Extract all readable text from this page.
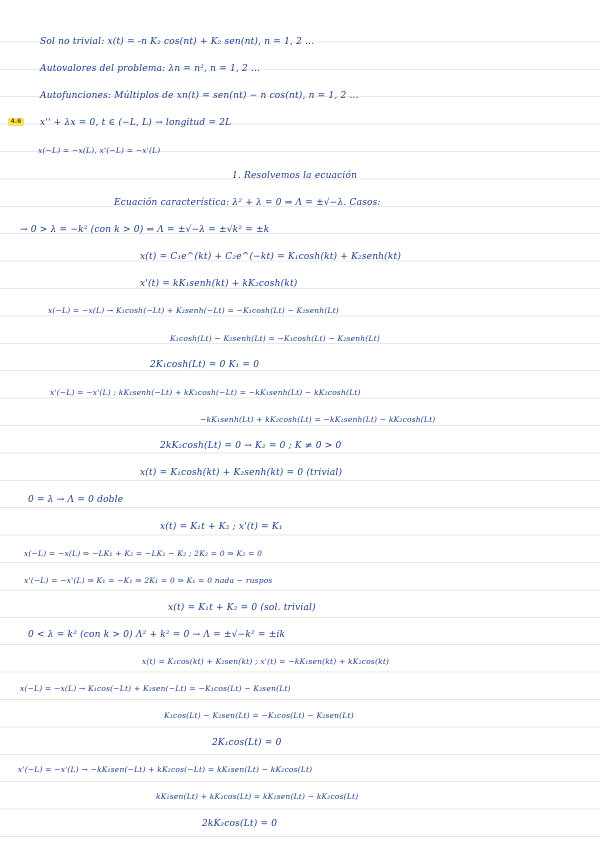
4.6
Sol no trivial: x(t) = -n K₂ cos(nt) + K₂ sen(nt), n = 1, 2 ...
Autovalores del problema: λn = n², n = 1, 2 ...
Autofunciones: Múltiplos de xn(t) = sen(nt) − n cos(nt), n = 1, 2 ...
x'' + λx = 0, t ∈ (−L, L) → longitud = 2L
x(−L) = −x(L), x'(−L) = −x'(L)
1. Resolvemos la ecuación
Ecuación característica: λ² + λ = 0 ⇒ Λ = ±√−λ. Casos:
→ 0 > λ = −k² (con k > 0) ⇒ Λ = ±√−λ = ±√k² = ±k
x(t) = C₁e^(kt) + C₂e^(−kt) = K₁cosh(kt) + K₂senh(kt)
x'(t) = kK₁senh(kt) + kK₂cosh(kt)
x(−L) = −x(L) → K₁cosh(−Lt) + K₂senh(−Lt) = −K₁cosh(Lt) − K₂senh(Lt)
K₁cosh(Lt) − K₂senh(Lt) = −K₁cosh(Lt) − K₂senh(Lt)
2K₁cosh(Lt) = 0 K₁ = 0
x'(−L) = −x'(L) ; kK₁senh(−Lt) + kK₂cosh(−Lt) = −kK₁senh(Lt) − kK₂cosh(Lt)
−kK₁senh(Lt) + kK₂cosh(Lt) = −kK₁senh(Lt) − kK₂cosh(Lt)
2kK₂cosh(Lt) = 0 → K₂ = 0 ; K ≠ 0 > 0
x(t) = K₁cosh(kt) + K₂senh(kt) = 0 (trivial)
0 = λ → Λ = 0 doble
x(t) = K₁t + K₂ ; x'(t) = K₁
x(−L) = −x(L) ⇒ −LK₁ + K₂ = −LK₁ − K₂ ; 2K₂ = 0 ⇒ K₂ = 0
x'(−L) = −x'(L) ⇒ K₁ = −K₁ ⇒ 2K₁ = 0 ⇒ K₁ = 0 nada − ruspos
x(t) = K₁t + K₂ = 0 (sol. trivial)
0 < λ = k² (con k > 0) Λ² + k² = 0 → Λ = ±√−k² = ±ik
x(t) = K₁cos(kt) + K₂sen(kt) ; x'(t) = −kK₁sen(kt) + kK₂cos(kt)
x(−L) = −x(L) → K₁cos(−Lt) + K₂sen(−Lt) = −K₁cos(Lt) − K₂sen(Lt)
K₁cos(Lt) − K₂sen(Lt) = −K₁cos(Lt) − K₂sen(Lt)
2K₁cos(Lt) = 0
x'(−L) = −x'(L) → −kK₁sen(−Lt) + kK₂cos(−Lt) = kK₁sen(Lt) − kK₂cos(Lt)
kK₁sen(Lt) + kK₂cos(Lt) = kK₁sen(Lt) − kK₂cos(Lt)
2kK₂cos(Lt) = 0
